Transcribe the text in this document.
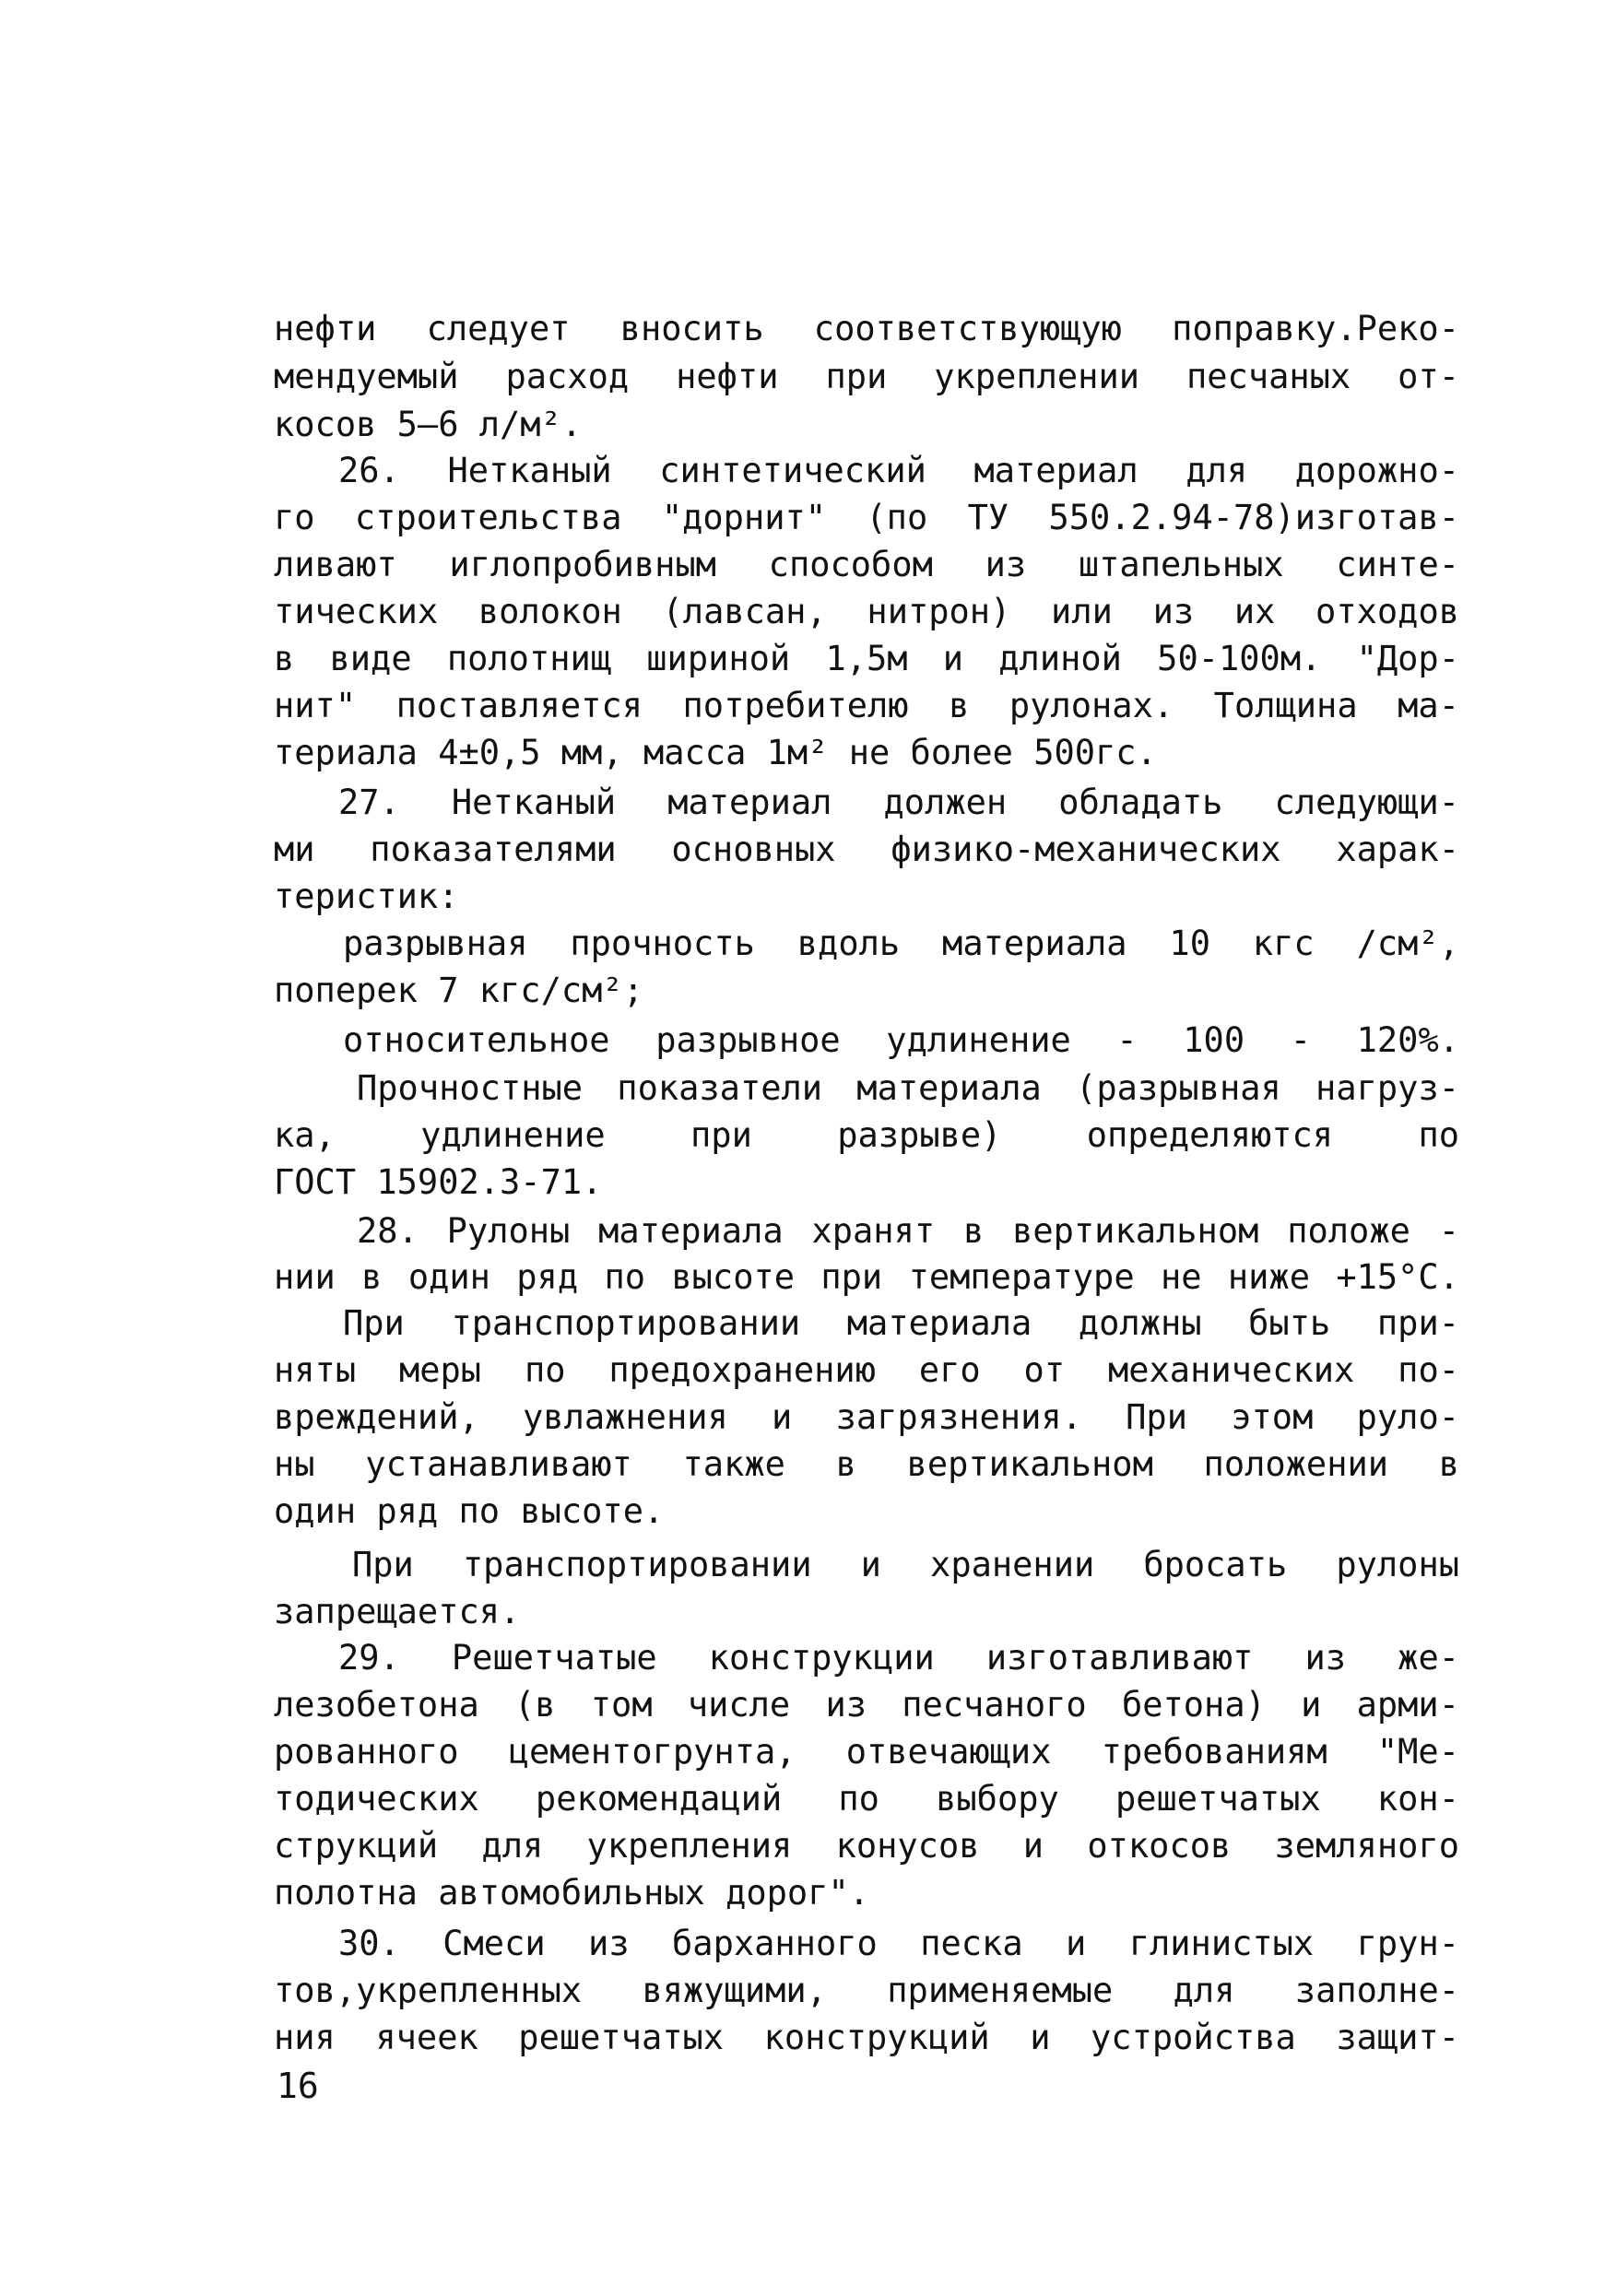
нефти следует вносить соответствующую поправку.Реко-

мендуемый расход нефти при укреплении песчаных от-

косов 5–6 л/м².

26. Нетканый синтетический материал для дорожно-

го строительства "дорнит" (по ТУ 550.2.94-78)изготав-

ливают иглопробивным способом из штапельных синте-

тических волокон (лавсан, нитрон) или из их отходов

в виде полотнищ шириной 1,5м и длиной 50-100м. "Дор-

нит" поставляется потребителю в рулонах. Толщина ма-

териала 4±0,5 мм, масса 1м² не более 500гс.

27. Нетканый материал должен обладать следующи-

ми показателями основных физико-механических харак-

теристик:

разрывная прочность вдоль материала 10 кгс /см²,

поперек 7 кгс/см²;

относительное разрывное удлинение - 100 - 120%.

Прочностные показатели материала (разрывная нагруз-

ка, удлинение при разрыве) определяются по

ГОСТ 15902.3-71.

28. Рулоны материала хранят в вертикальном положе -

нии в один ряд по высоте при температуре не ниже +15°С.

При транспортировании материала должны быть при-

няты меры по предохранению его от механических по-

вреждений, увлажнения и загрязнения. При этом руло-

ны устанавливают также в вертикальном положении в

один ряд по высоте.

При транспортировании и хранении бросать рулоны

запрещается.

29. Решетчатые конструкции изготавливают из же-

лезобетона (в том числе из песчаного бетона) и арми-

рованного цементогрунта, отвечающих требованиям "Ме-

тодических рекомендаций по выбору решетчатых кон-

струкций для укрепления конусов и откосов земляного

полотна автомобильных дорог".

30. Смеси из барханного песка и глинистых грун-

тов,укрепленных вяжущими, применяемые для заполне-

ния ячеек решетчатых конструкций и устройства защит-

16
